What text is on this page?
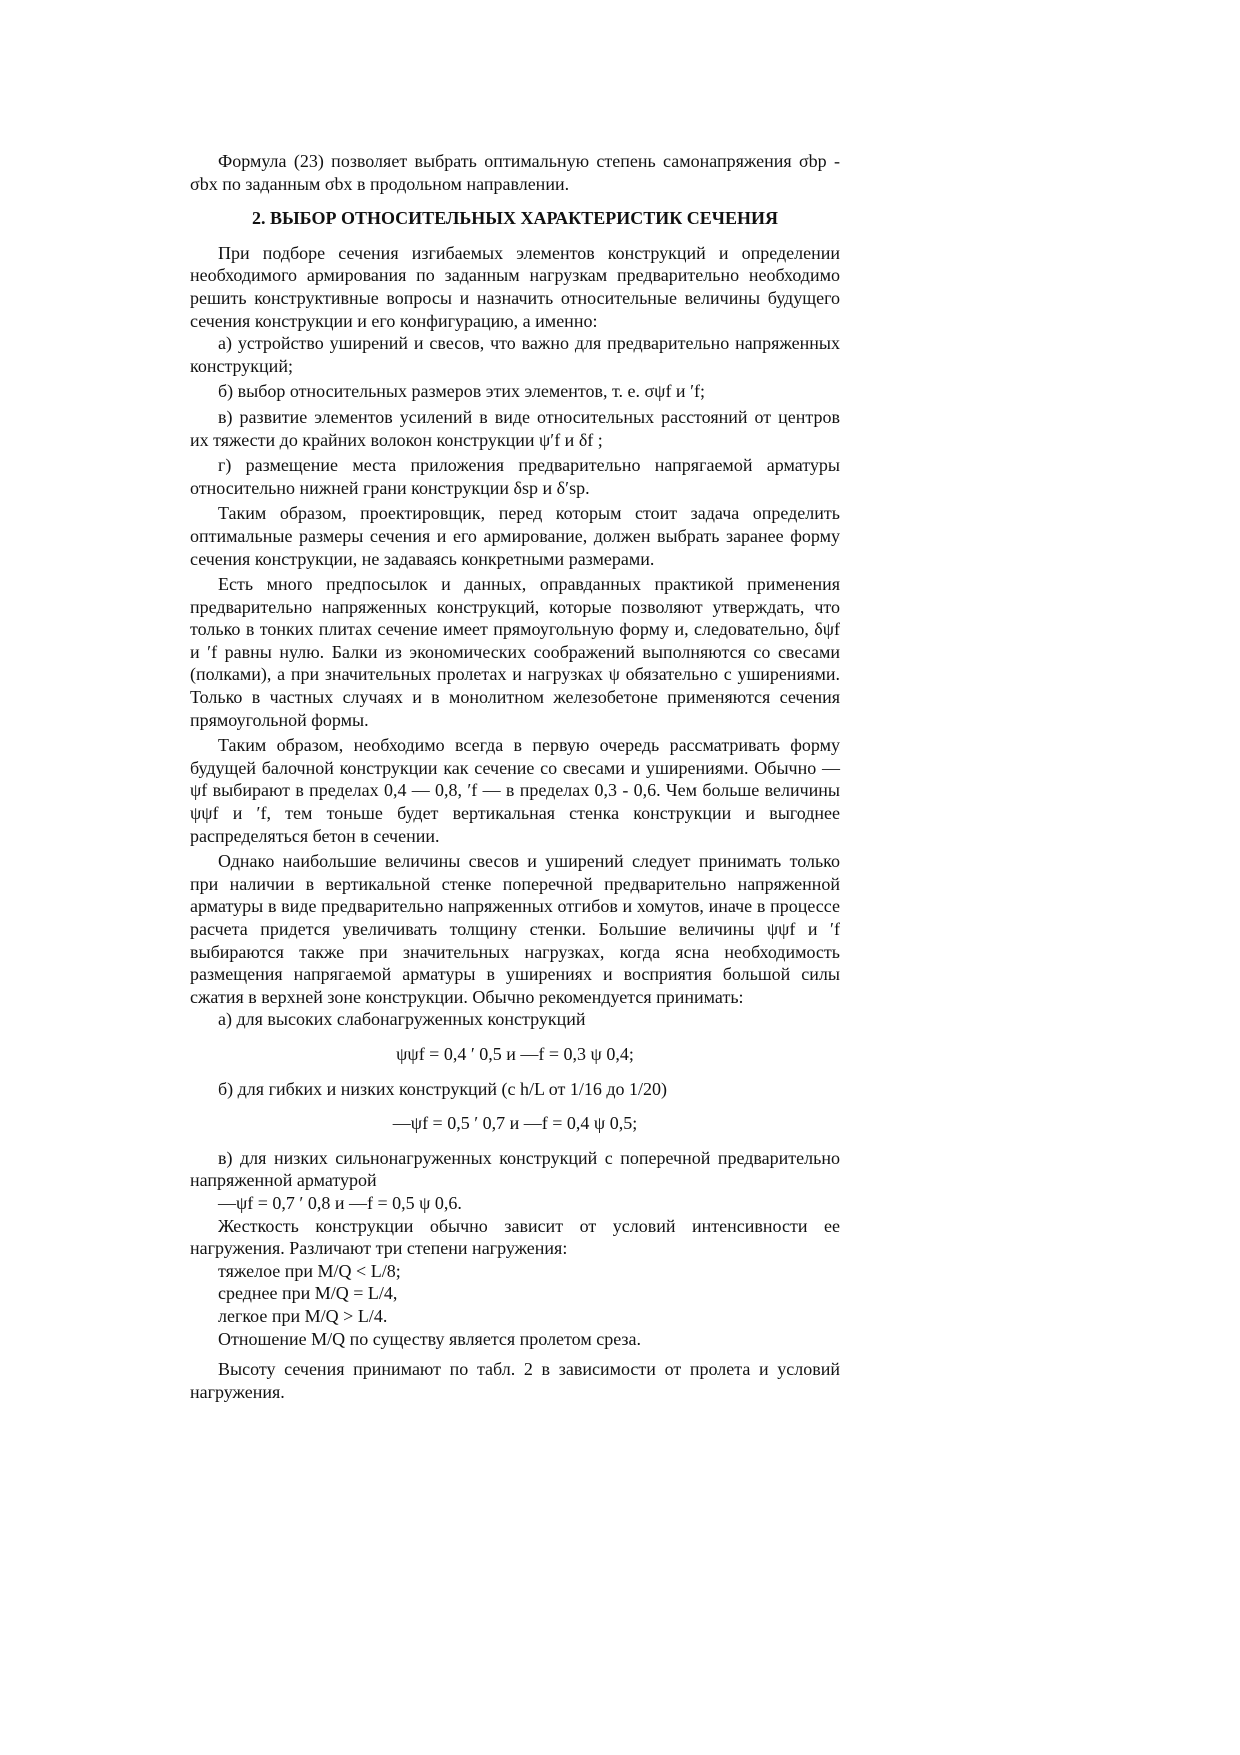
Формула (23) позволяет выбрать оптимальную степень самонапряжения σbp - σbx по заданным σbx в продольном направлении.

2. ВЫБОР ОТНОСИТЕЛЬНЫХ ХАРАКТЕРИСТИК СЕЧЕНИЯ

При подборе сечения изгибаемых элементов конструкций и определении необходимого армирования по заданным нагрузкам предварительно необходимо решить конструктивные вопросы и назначить относительные величины будущего сечения конструкции и его конфигурацию, а именно:

а) устройство уширений и свесов, что важно для предварительно напряженных конструкций;

б) выбор относительных размеров этих элементов, т. е. σψf и ′f;

в) развитие элементов усилений в виде относительных расстояний от центров их тяжести до крайних волокон конструкции ψ′f и δf ;

г) размещение места приложения предварительно напрягаемой арматуры относительно нижней грани конструкции δsp и δ′sp.

Таким образом, проектировщик, перед которым стоит задача определить оптимальные размеры сечения и его армирование, должен выбрать заранее форму сечения конструкции, не задаваясь конкретными размерами.

Есть много предпосылок и данных, оправданных практикой применения предварительно напряженных конструкций, которые позволяют утверждать, что только в тонких плитах сечение имеет прямоугольную форму и, следовательно, δψf и ′f равны нулю. Балки из экономических соображений выполняются со свесами (полками), а при значительных пролетах и нагрузках ψ обязательно с уширениями. Только в частных случаях и в монолитном железобетоне применяются сечения прямоугольной формы.

Таким образом, необходимо всегда в первую очередь рассматривать форму будущей балочной конструкции как сечение со свесами и уширениями. Обычно —ψf выбирают в пределах 0,4 — 0,8, ′f — в пределах 0,3 - 0,6. Чем больше величины ψψf и ′f, тем тоньше будет вертикальная стенка конструкции и выгоднее распределяться бетон в сечении.

Однако наибольшие величины свесов и уширений следует принимать только при наличии в вертикальной стенке поперечной предварительно напряженной арматуры в виде предварительно напряженных отгибов и хомутов, иначе в процессе расчета придется увеличивать толщину стенки. Большие величины ψψf и ′f выбираются также при значительных нагрузках, когда ясна необходимость размещения напрягаемой арматуры в уширениях и восприятия большой силы сжатия в верхней зоне конструкции. Обычно рекомендуется принимать:

а) для высоких слабонагруженных конструкций

ψψf = 0,4 ′ 0,5 и —f = 0,3 ψ 0,4;

б) для гибких и низких конструкций (с h/L от 1/16 до 1/20)

—ψf = 0,5 ′ 0,7 и —f = 0,4 ψ 0,5;

в) для низких сильнонагруженных конструкций с поперечной предварительно напряженной арматурой

—ψf = 0,7 ′ 0,8 и —f = 0,5 ψ 0,6.

Жесткость конструкции обычно зависит от условий интенсивности ее нагружения. Различают три степени нагружения:

тяжелое при M/Q < L/8;

среднее при M/Q = L/4,

легкое при M/Q > L/4.

Отношение M/Q по существу является пролетом среза.

Высоту сечения принимают по табл. 2 в зависимости от пролета и условий нагружения.
